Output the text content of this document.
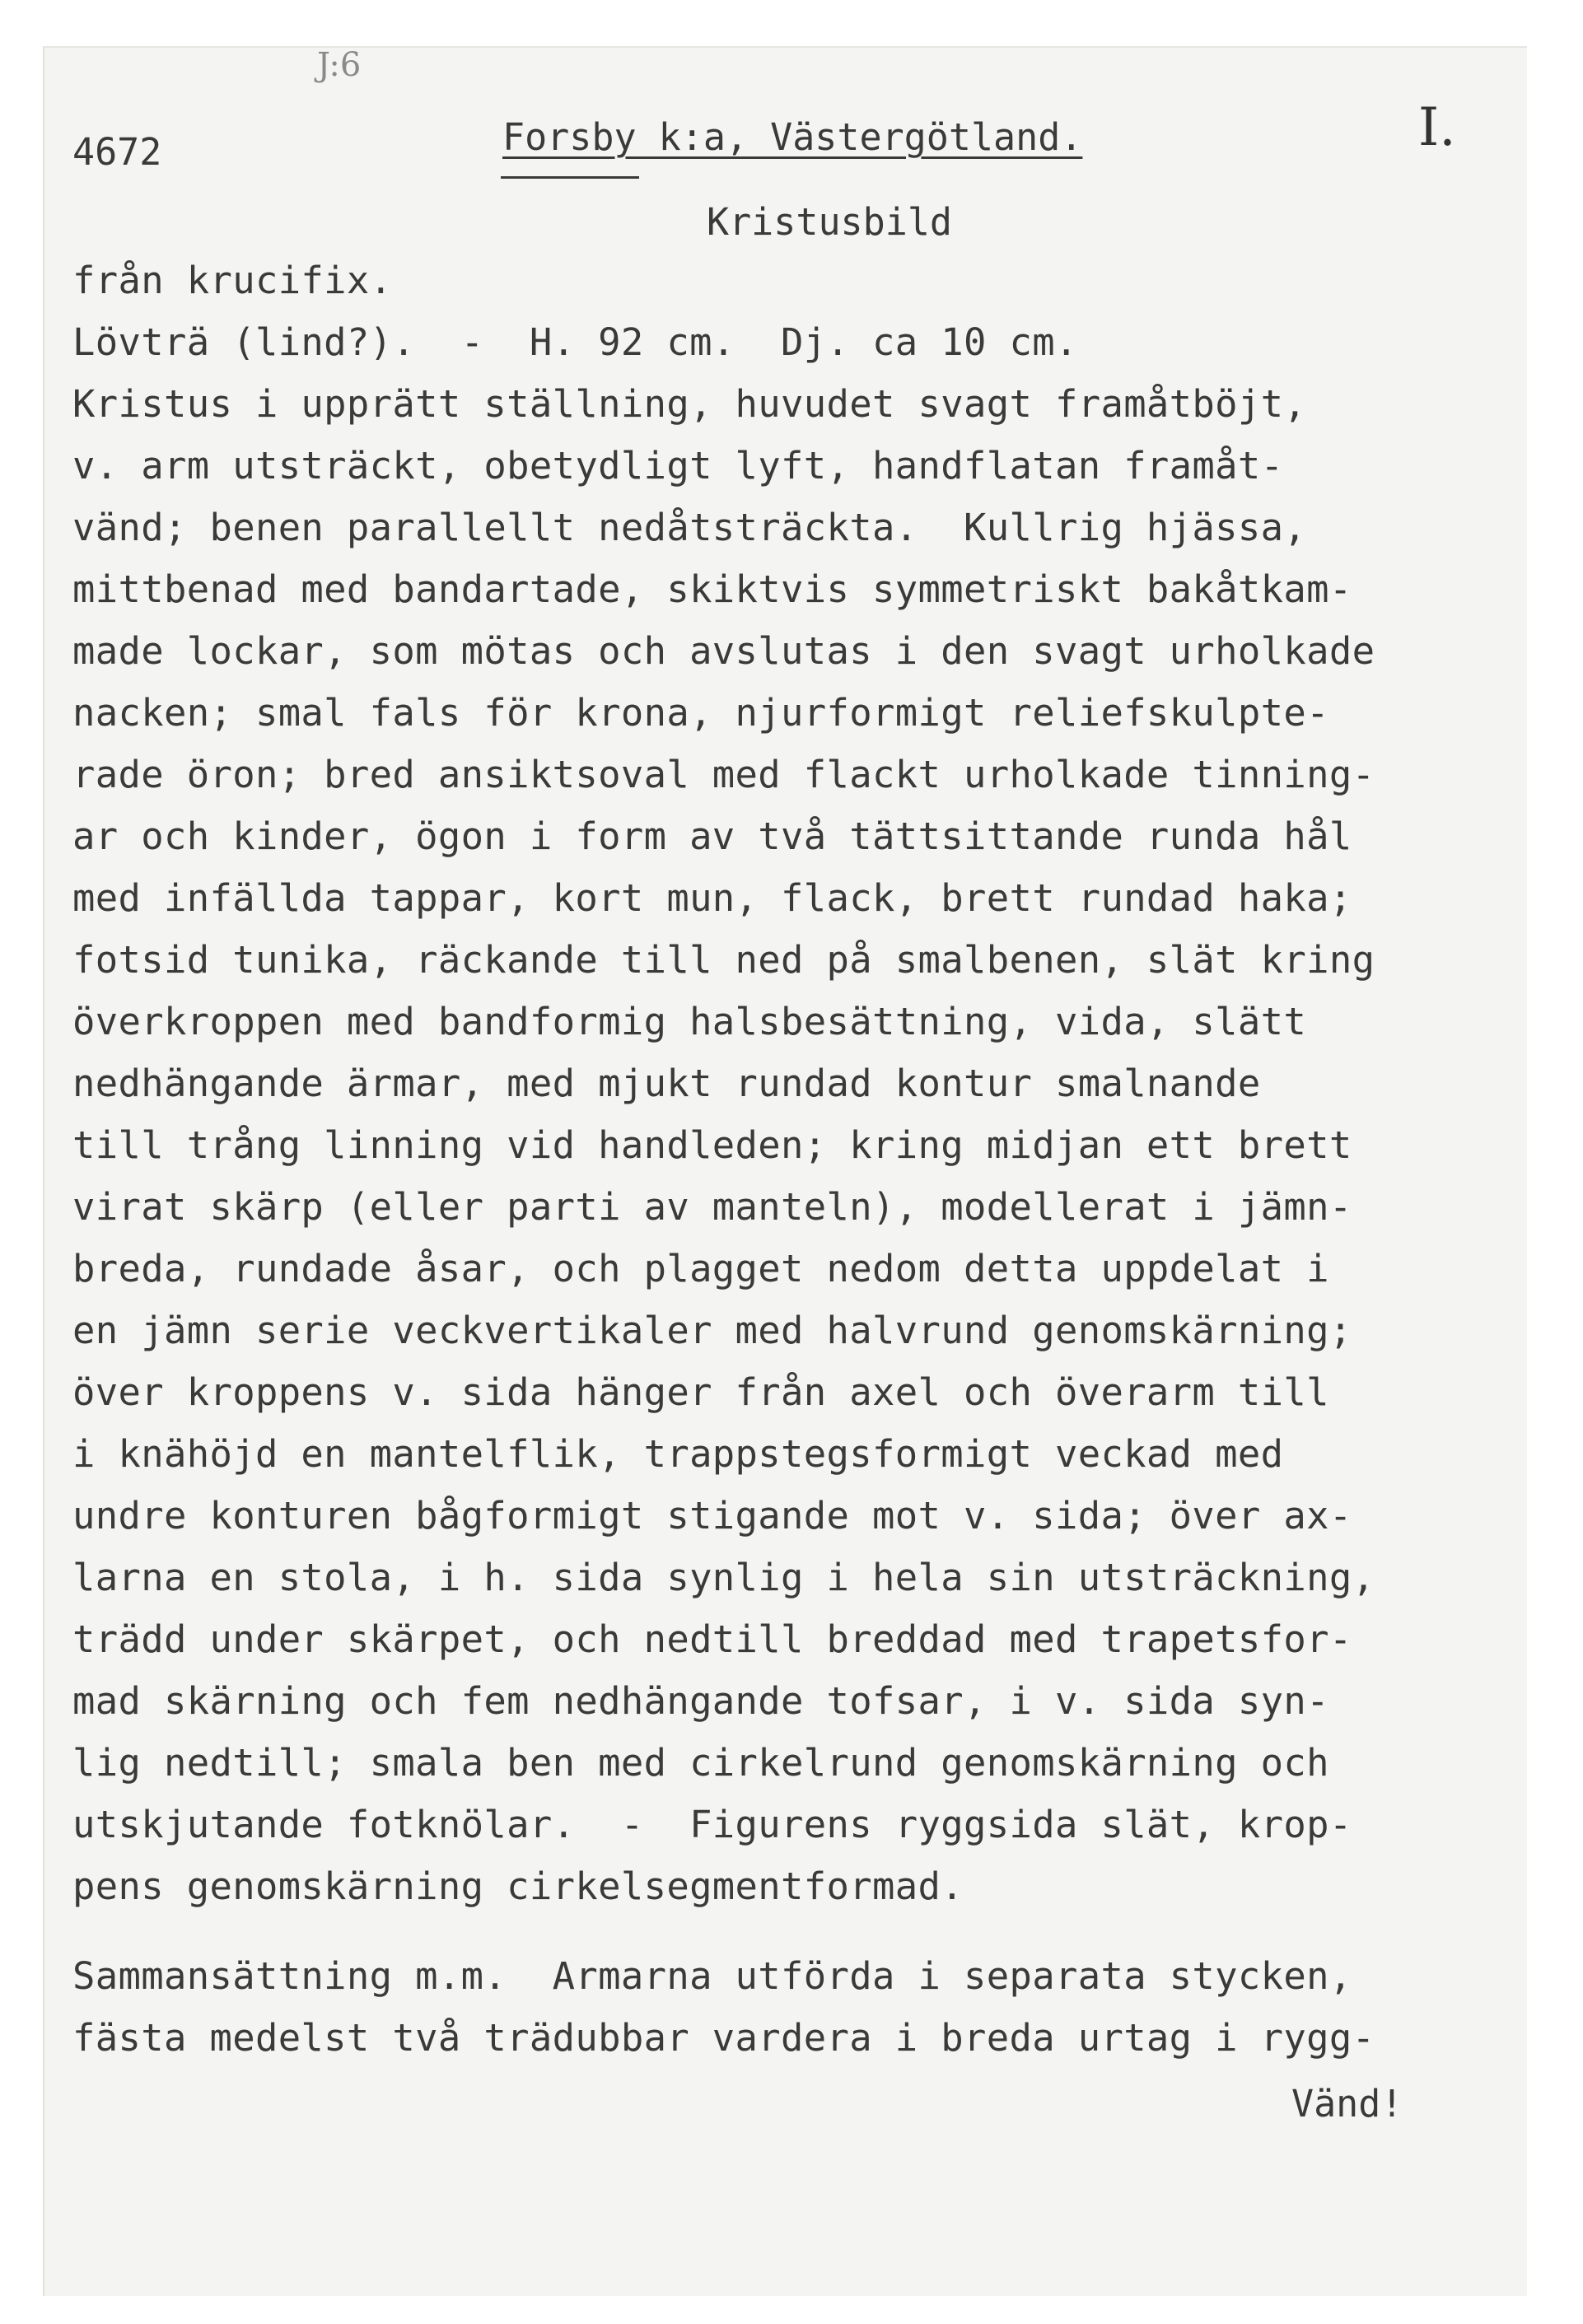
J:6
4672	Forsby k:a, Västergötland.	I.
Kristusbild
från krucifix.
Lövträ (lind?).  -  H. 92 cm.  Dj. ca 10 cm.
Kristus i upprätt ställning, huvudet svagt framåtböjt,
v. arm utsträckt, obetydligt lyft, handflatan framåt-
vänd; benen parallellt nedåtsträckta.  Kullrig hjässa,
mittbenad med bandartade, skiktvis symmetriskt bakåtkam-
made lockar, som mötas och avslutas i den svagt urholkade
nacken; smal fals för krona, njurformigt reliefskulpte-
rade öron; bred ansiktsoval med flackt urholkade tinning-
ar och kinder, ögon i form av två tättsittande runda hål
med infällda tappar, kort mun, flack, brett rundad haka;
fotsid tunika, räckande till ned på smalbenen, slät kring
överkroppen med bandformig halsbesättning, vida, slätt
nedhängande ärmar, med mjukt rundad kontur smalnande
till trång linning vid handleden; kring midjan ett brett
virat skärp (eller parti av manteln), modellerat i jämn-
breda, rundade åsar, och plagget nedom detta uppdelat i
en jämn serie veckvertikaler med halvrund genomskärning;
över kroppens v. sida hänger från axel och överarm till
i knähöjd en mantelflik, trappstegsformigt veckad med
undre konturen bågformigt stigande mot v. sida; över ax-
larna en stola, i h. sida synlig i hela sin utsträckning,
trädd under skärpet, och nedtill breddad med trapetsfor-
mad skärning och fem nedhängande tofsar, i v. sida syn-
lig nedtill; smala ben med cirkelrund genomskärning och
utskjutande fotknölar.  -  Figurens ryggsida slät, krop-
pens genomskärning cirkelsegmentformad.
Sammansättning m.m.  Armarna utförda i separata stycken,
fästa medelst två trädubbar vardera i breda urtag i rygg-
Vänd!
